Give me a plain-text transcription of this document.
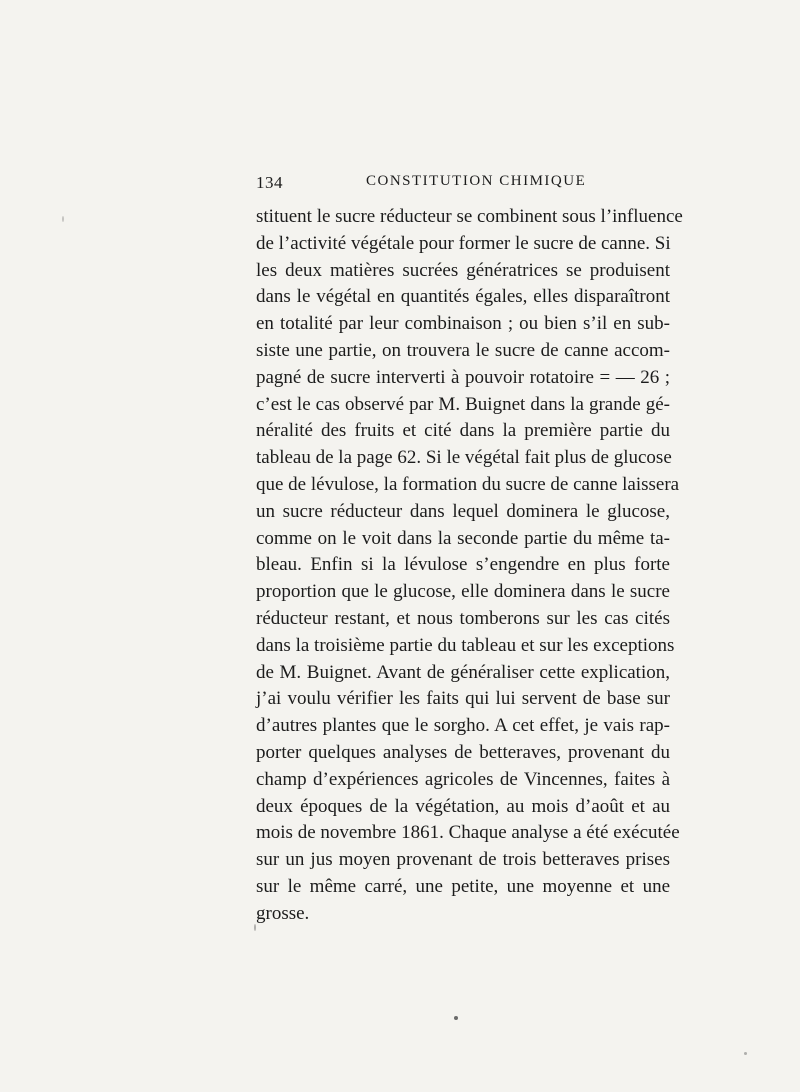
134	CONSTITUTION CHIMIQUE
stituent le sucre réducteur se combinent sous l’influence
de l’activité végétale pour former le sucre de canne. Si
les deux matières sucrées génératrices se produisent
dans le végétal en quantités égales, elles disparaîtront
en totalité par leur combinaison ; ou bien s’il en sub-
siste une partie, on trouvera le sucre de canne accom-
pagné de sucre interverti à pouvoir rotatoire = — 26 ;
c’est le cas observé par M. Buignet dans la grande gé-
néralité des fruits et cité dans la première partie du
tableau de la page 62. Si le végétal fait plus de glucose
que de lévulose, la formation du sucre de canne laissera
un sucre réducteur dans lequel dominera le glucose,
comme on le voit dans la seconde partie du même ta-
bleau. Enfin si la lévulose s’engendre en plus forte
proportion que le glucose, elle dominera dans le sucre
réducteur restant, et nous tomberons sur les cas cités
dans la troisième partie du tableau et sur les exceptions
de M. Buignet. Avant de généraliser cette explication,
j’ai voulu vérifier les faits qui lui servent de base sur
d’autres plantes que le sorgho. A cet effet, je vais rap-
porter quelques analyses de betteraves, provenant du
champ d’expériences agricoles de Vincennes, faites à
deux époques de la végétation, au mois d’août et au
mois de novembre 1861. Chaque analyse a été exécutée
sur un jus moyen provenant de trois betteraves prises
sur le même carré, une petite, une moyenne et une
grosse.
